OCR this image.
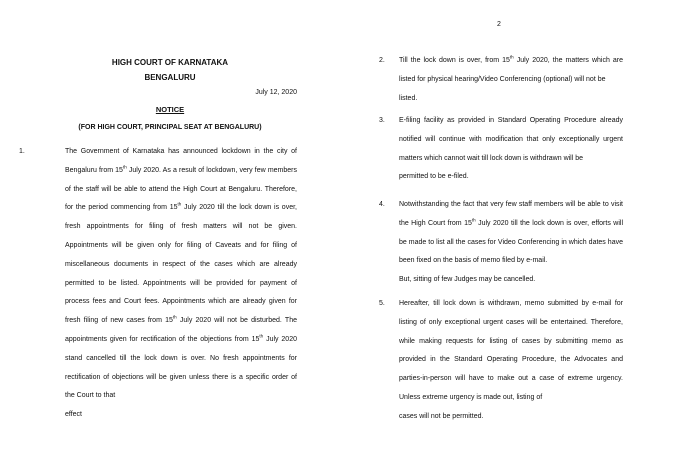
2
HIGH COURT OF KARNATAKA
BENGALURU
July 12, 2020
NOTICE
(FOR HIGH COURT, PRINCIPAL SEAT AT BENGALURU)
1.	The Government of Karnataka has announced lockdown in the city of Bengaluru from 15th July 2020. As a result of lockdown, very few members of the staff will be able to attend the High Court at Bengaluru. Therefore, for the period commencing from 15th July 2020 till the lock down is over, fresh appointments for filing of fresh matters will not be given. Appointments will be given only for filing of Caveats and for filing of miscellaneous documents in respect of the cases which are already permitted to be listed. Appointments will be provided for payment of process fees and Court fees. Appointments which are already given for fresh filing of new cases from 15th July 2020 will not be disturbed. The appointments given for rectification of the objections from 15th July 2020 stand cancelled till the lock down is over. No fresh appointments for rectification of objections will be given unless there is a specific order of the Court to that
effect

2. Till the lock down is over, from 15th July 2020, the matters which are listed for physical hearing/Video Conferencing (optional) will not be
listed.

3. E-filing facility as provided in Standard Operating Procedure already notified will continue with modification that only exceptionally urgent matters which cannot wait till lock down is withdrawn will be
permitted to be e-filed.

4. Notwithstanding the fact that very few staff members will be able to visit the High Court from 15th July 2020 till the lock down is over, efforts will be made to list all the cases for Video Conferencing in which dates have been fixed on the basis of memo filed by e-mail.
But, sitting of few Judges may be cancelled.

5. Hereafter, till lock down is withdrawn, memo submitted by e-mail for listing of only exceptional urgent cases will be entertained. Therefore, while making requests for listing of cases by submitting memo as provided in the Standard Operating Procedure, the Advocates and parties-in-person will have to make out a case of extreme urgency. Unless extreme urgency is made out, listing of
cases will not be permitted.
